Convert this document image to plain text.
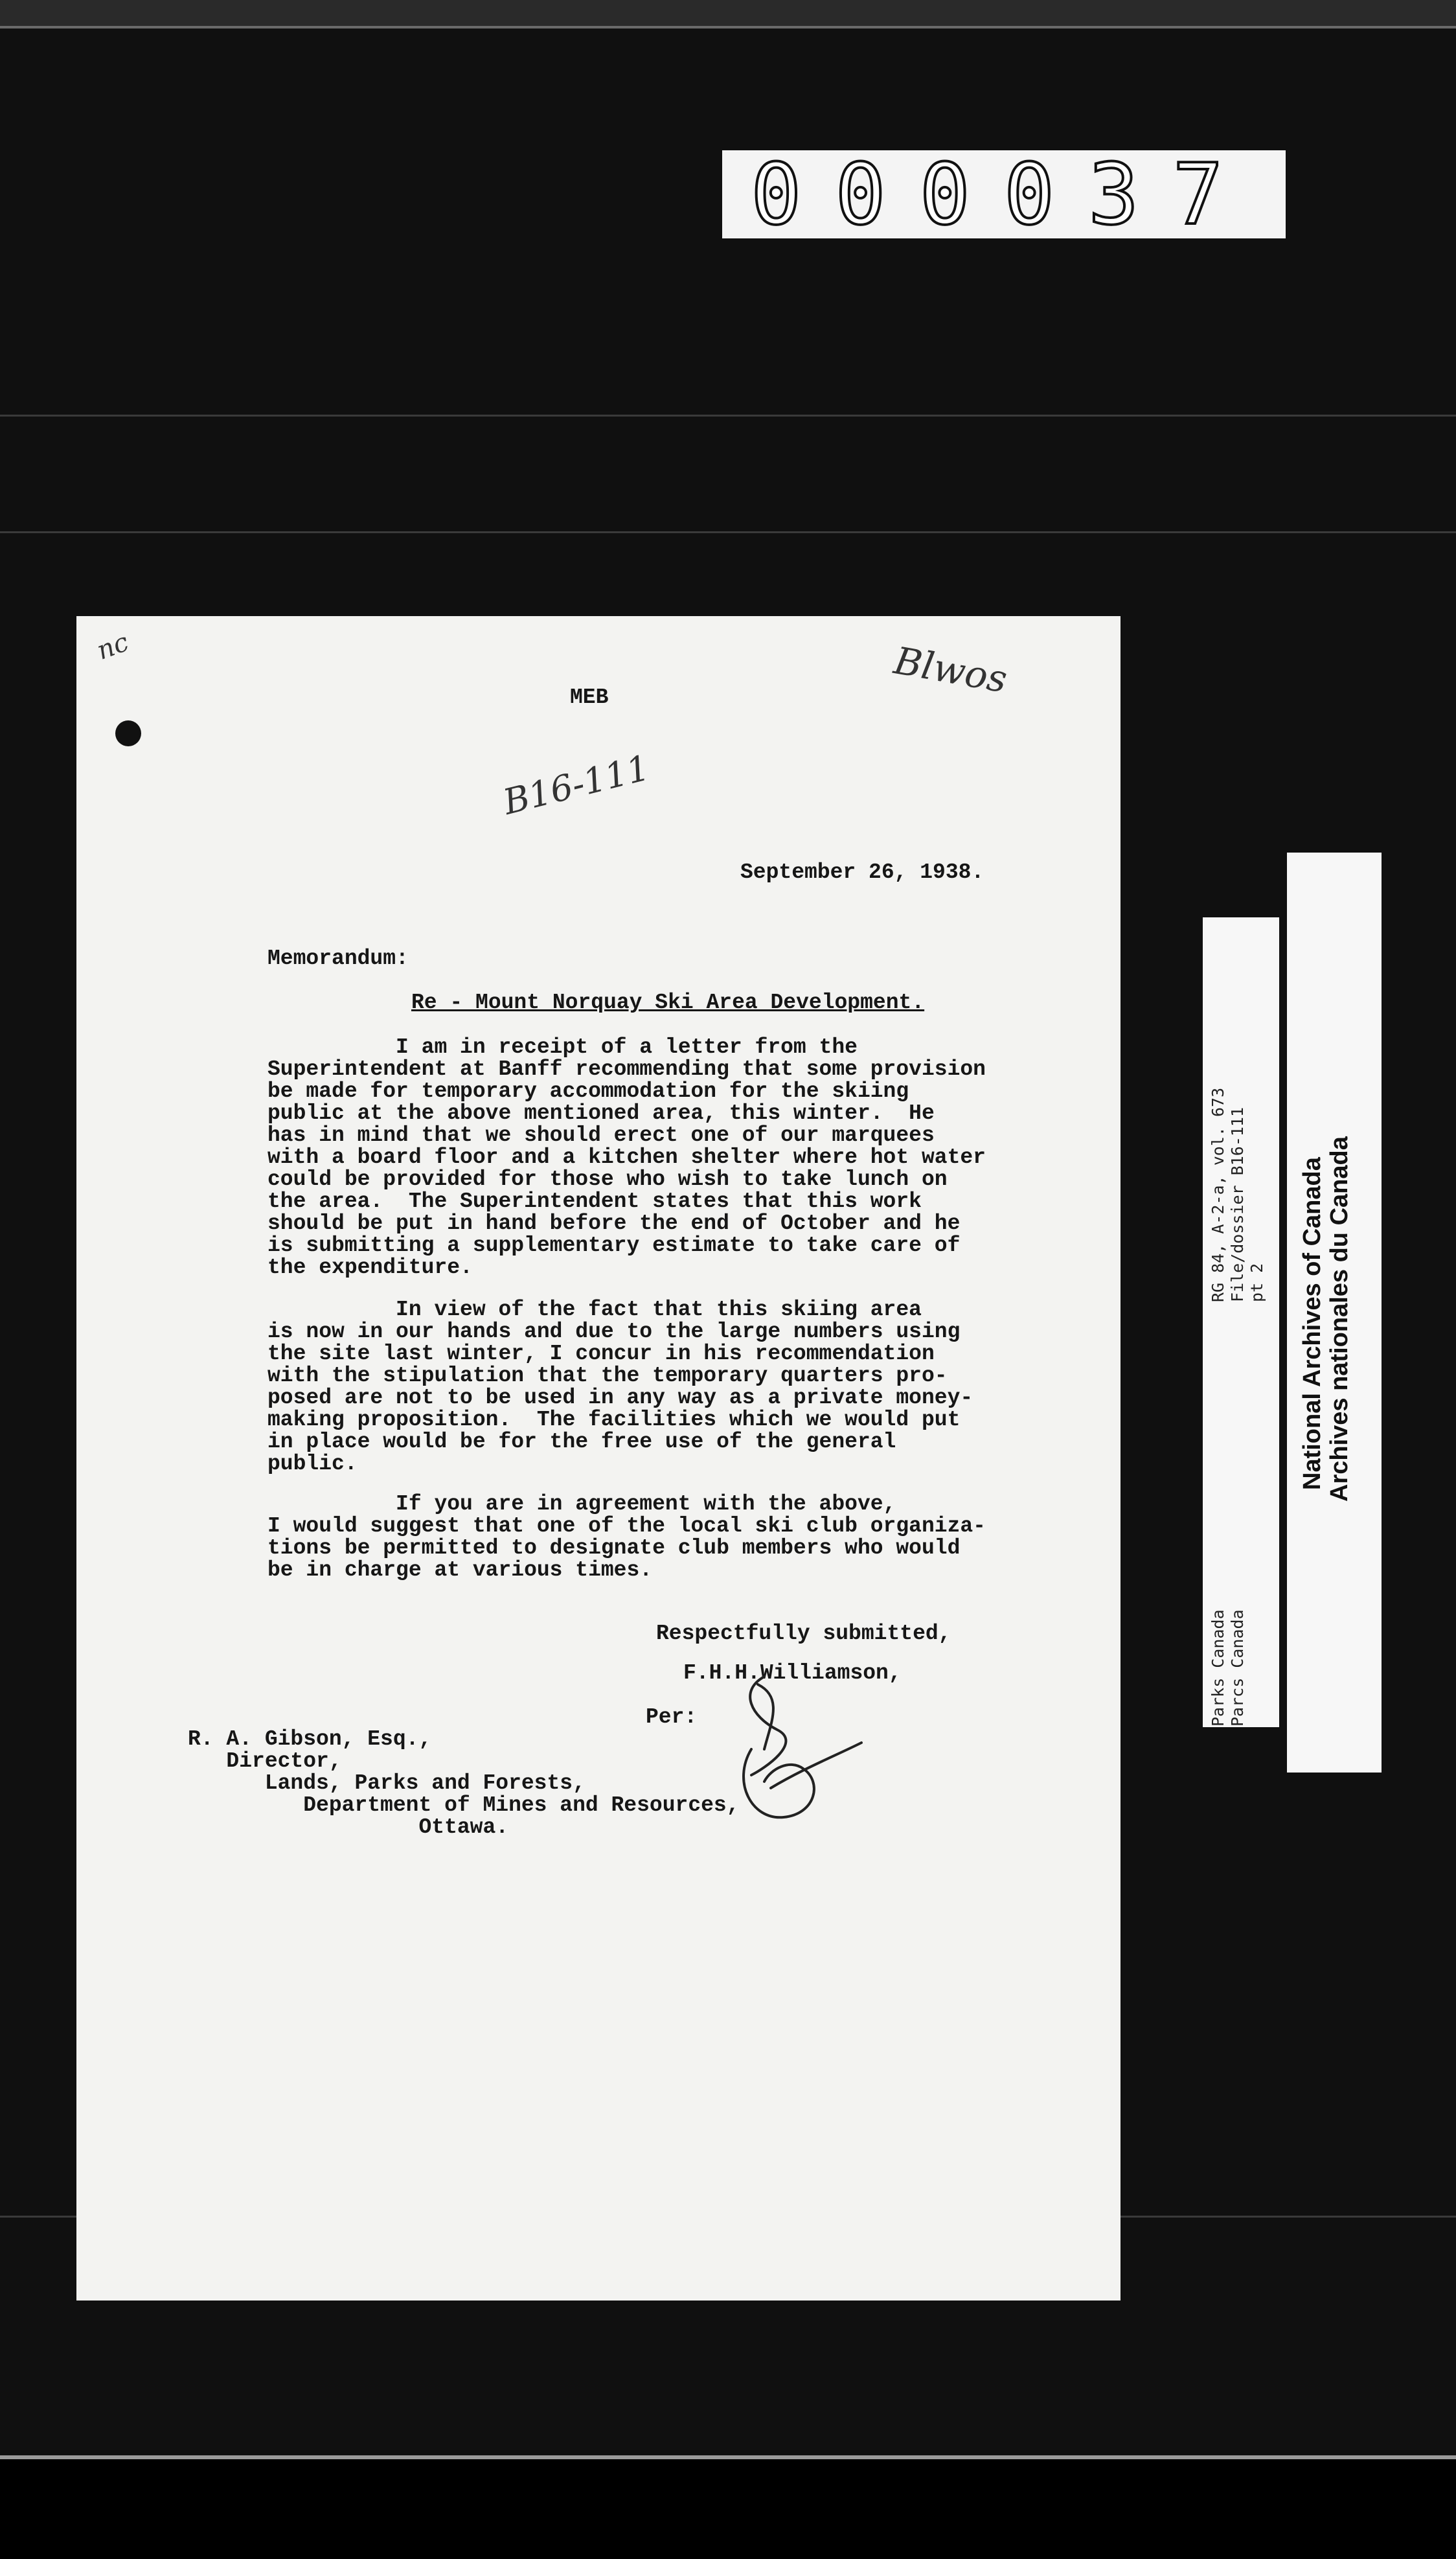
000037
nc	Blwos
B16-111
MEB
September 26, 1938.
Memorandum:
Re - Mount Norquay Ski Area Development.
I am in receipt of a letter from the
Superintendent at Banff recommending that some provision
be made for temporary accommodation for the skiing
public at the above mentioned area, this winter.  He
has in mind that we should erect one of our marquees
with a board floor and a kitchen shelter where hot water
could be provided for those who wish to take lunch on
the area.  The Superintendent states that this work
should be put in hand before the end of October and he
is submitting a supplementary estimate to take care of
the expenditure.
In view of the fact that this skiing area
is now in our hands and due to the large numbers using
the site last winter, I concur in his recommendation
with the stipulation that the temporary quarters pro-
posed are not to be used in any way as a private money-
making proposition.  The facilities which we would put
in place would be for the free use of the general
public.
If you are in agreement with the above,
I would suggest that one of the local ski club organiza-
tions be permitted to designate club members who would
be in charge at various times.
Respectfully submitted,
F.H.H.Williamson,
Per:
R. A. Gibson, Esq.,
Director,
Lands, Parks and Forests,
Department of Mines and Resources,
Ottawa.
National Archives of Canada Archives nationales du Canada
RG 84, A-2-a, vol. 673 File/dossier B16-111 pt 2
Parks Canada Parcs Canada
